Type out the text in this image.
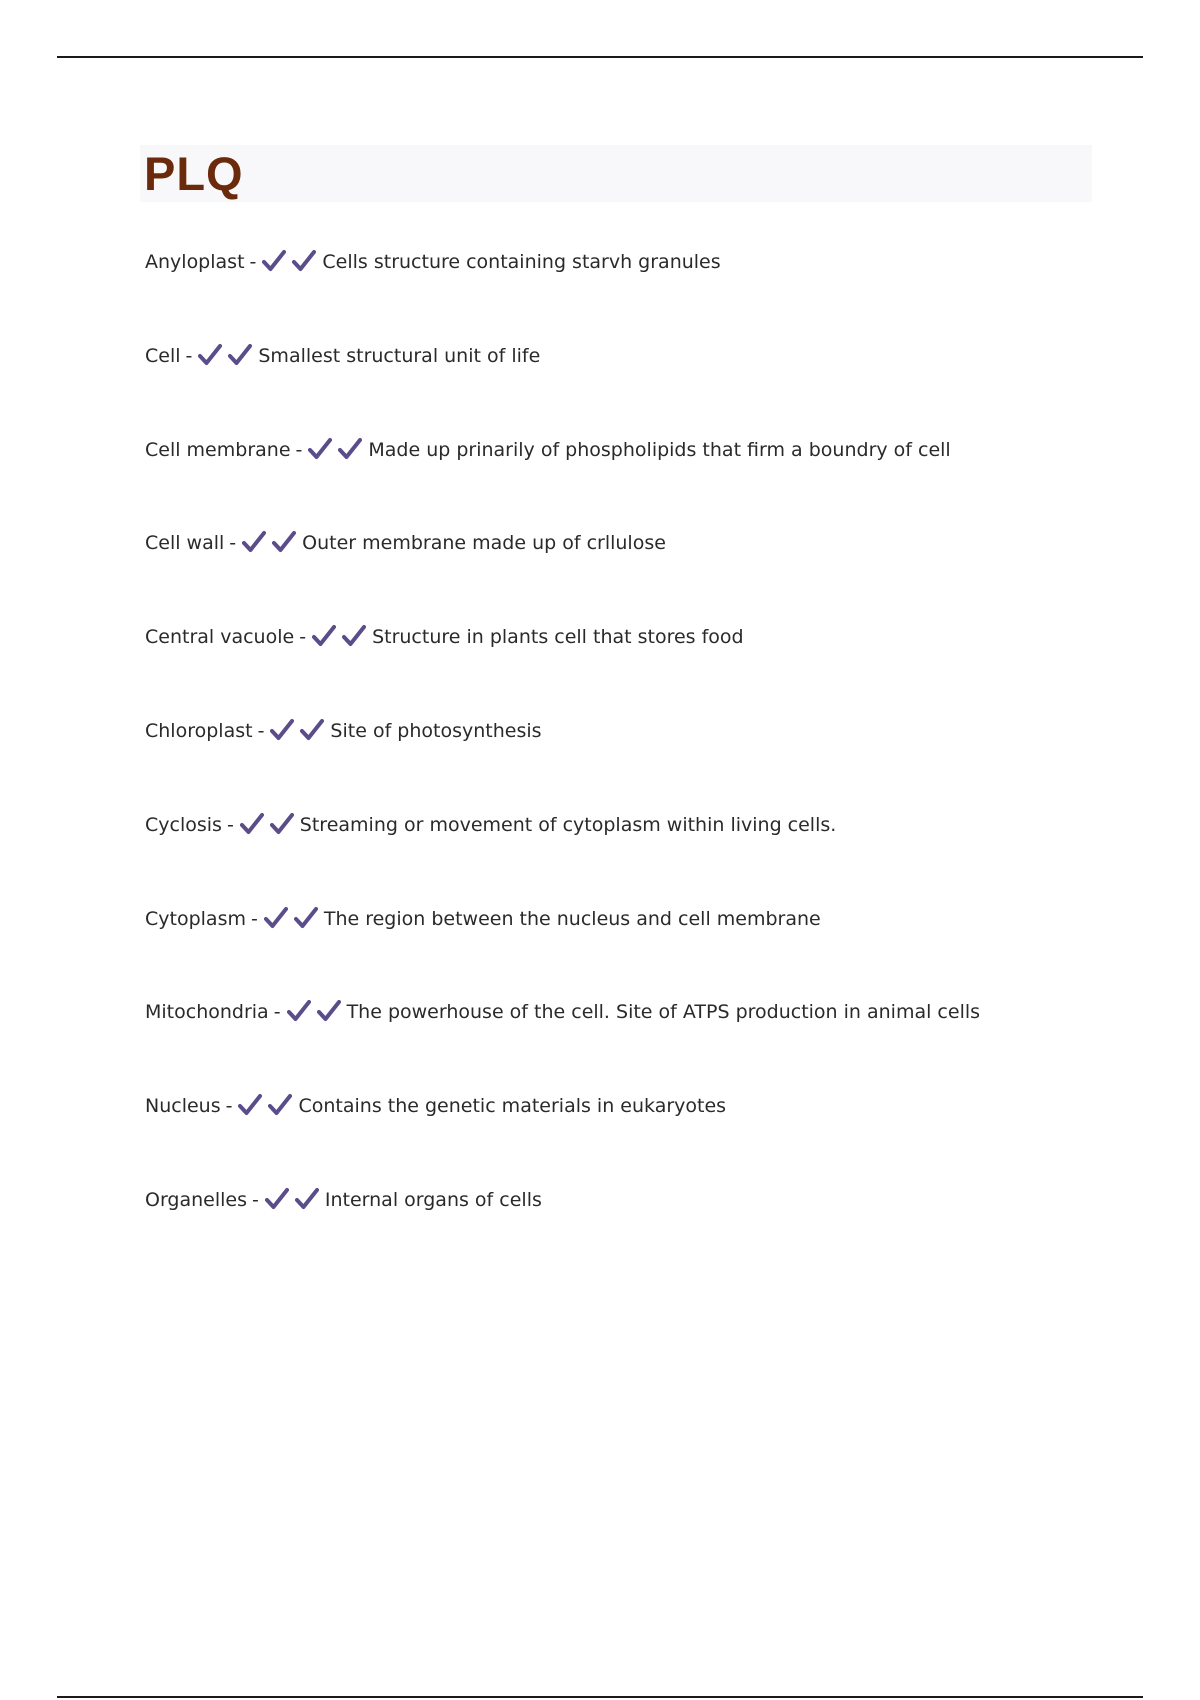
PLQ
Anyloplast -	Cells structure containing starvh granules
Cell -	Smallest structural unit of life
Cell membrane -	Made up prinarily of phospholipids that firm a boundry of cell
Cell wall -	Outer membrane made up of crllulose
Central vacuole -	Structure in plants cell that stores food
Chloroplast -	Site of photosynthesis
Cyclosis -	Streaming or movement of cytoplasm within living cells.
Cytoplasm -	The region between the nucleus and cell membrane
Mitochondria -	The powerhouse of the cell. Site of ATPS production in animal cells
Nucleus -	Contains the genetic materials in eukaryotes
Organelles -	Internal organs of cells
